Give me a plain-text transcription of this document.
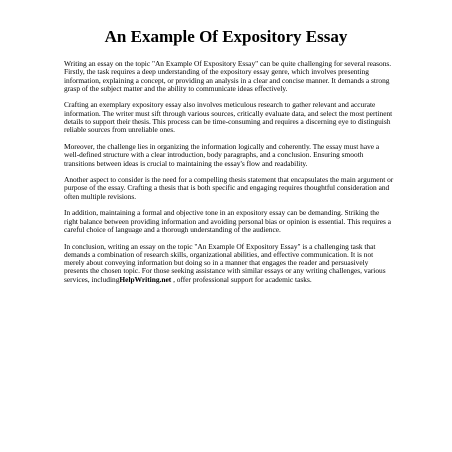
An Example Of Expository Essay

Writing an essay on the topic "An Example Of Expository Essay" can be quite challenging for several reasons. Firstly, the task requires a deep understanding of the expository essay genre, which involves presenting information, explaining a concept, or providing an analysis in a clear and concise manner. It demands a strong grasp of the subject matter and the ability to communicate ideas effectively.

Crafting an exemplary expository essay also involves meticulous research to gather relevant and accurate information. The writer must sift through various sources, critically evaluate data, and select the most pertinent details to support their thesis. This process can be time-consuming and requires a discerning eye to distinguish reliable sources from unreliable ones.

Moreover, the challenge lies in organizing the information logically and coherently. The essay must have a well-defined structure with a clear introduction, body paragraphs, and a conclusion. Ensuring smooth transitions between ideas is crucial to maintaining the essay's flow and readability.

Another aspect to consider is the need for a compelling thesis statement that encapsulates the main argument or purpose of the essay. Crafting a thesis that is both specific and engaging requires thoughtful consideration and often multiple revisions.

In addition, maintaining a formal and objective tone in an expository essay can be demanding. Striking the right balance between providing information and avoiding personal bias or opinion is essential. This requires a careful choice of language and a thorough understanding of the audience.

In conclusion, writing an essay on the topic "An Example Of Expository Essay" is a challenging task that demands a combination of research skills, organizational abilities, and effective communication. It is not merely about conveying information but doing so in a manner that engages the reader and persuasively presents the chosen topic. For those seeking assistance with similar essays or any writing challenges, various services, includingHelpWriting.net , offer professional support for academic tasks.
